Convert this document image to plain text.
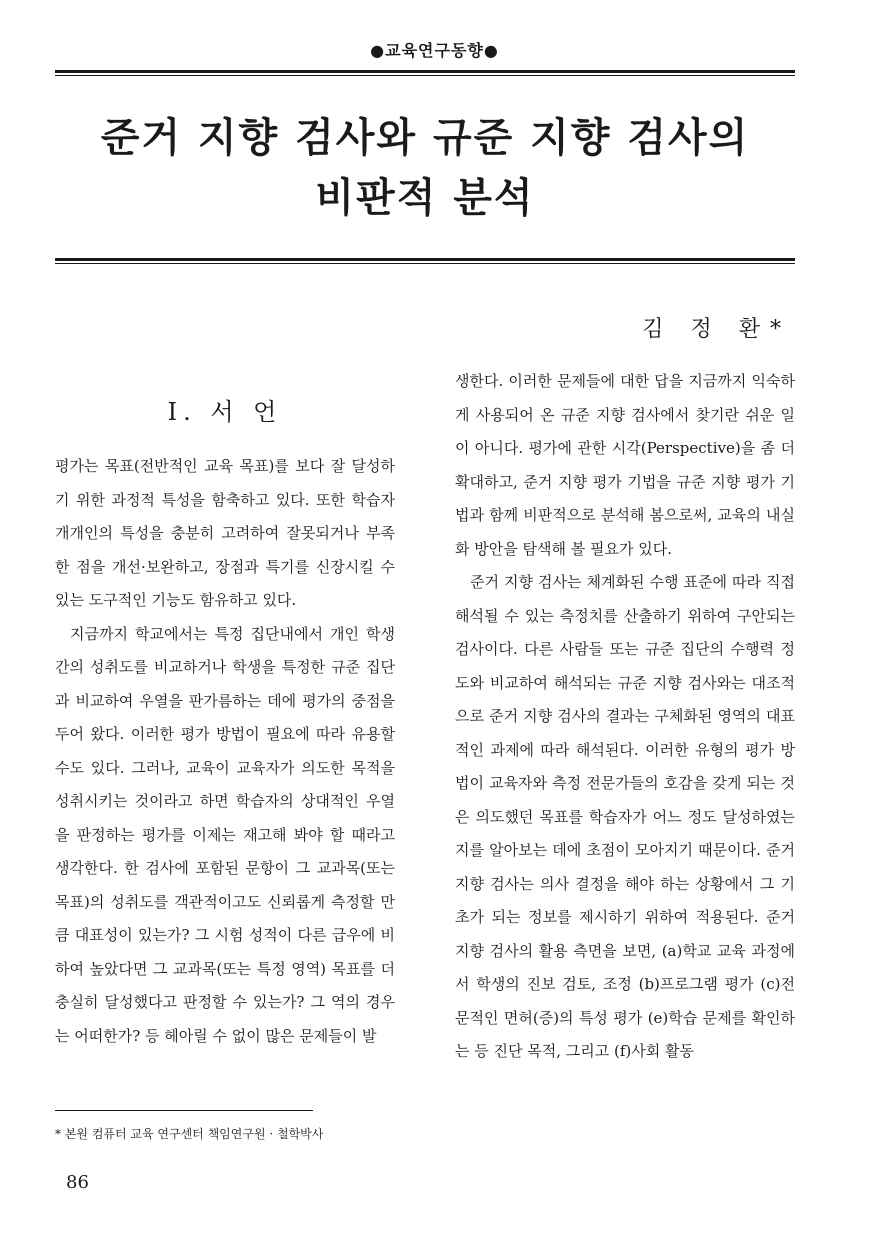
●교육연구동향●
준거 지향 검사와 규준 지향 검사의
비판적 분석
김 정 환*
I. 서 언

평가는 목표(전반적인 교육 목표)를 보다 잘 달성하기 위한 과정적 특성을 함축하고 있다. 또한 학습자 개개인의 특성을 충분히 고려하여 잘못되거나 부족한 점을 개선·보완하고, 장점과 특기를 신장시킬 수 있는 도구적인 기능도 함유하고 있다.

지금까지 학교에서는 특정 집단내에서 개인 학생간의 성취도를 비교하거나 학생을 특정한 규준 집단과 비교하여 우열을 판가름하는 데에 평가의 중점을 두어 왔다. 이러한 평가 방법이 필요에 따라 유용할 수도 있다. 그러나, 교육이 교육자가 의도한 목적을 성취시키는 것이라고 하면 학습자의 상대적인 우열을 판정하는 평가를 이제는 재고해 봐야 할 때라고 생각한다. 한 검사에 포함된 문항이 그 교과목(또는 목표)의 성취도를 객관적이고도 신뢰롭게 측정할 만큼 대표성이 있는가? 그 시험 성적이 다른 급우에 비하여 높았다면 그 교과목(또는 특정 영역) 목표를 더 충실히 달성했다고 판정할 수 있는가? 그 역의 경우는 어떠한가? 등 헤아릴 수 없이 많은 문제들이 발

생한다. 이러한 문제들에 대한 답을 지금까지 익숙하게 사용되어 온 규준 지향 검사에서 찾기란 쉬운 일이 아니다. 평가에 관한 시각(Perspective)을 좀 더 확대하고, 준거 지향 평가 기법을 규준 지향 평가 기법과 함께 비판적으로 분석해 봄으로써, 교육의 내실화 방안을 탐색해 볼 필요가 있다.

준거 지향 검사는 체계화된 수행 표준에 따라 직접 해석될 수 있는 측정치를 산출하기 위하여 구안되는 검사이다. 다른 사람들 또는 규준 집단의 수행력 정도와 비교하여 해석되는 규준 지향 검사와는 대조적으로 준거 지향 검사의 결과는 구체화된 영역의 대표적인 과제에 따라 해석된다. 이러한 유형의 평가 방법이 교육자와 측정 전문가들의 호감을 갖게 되는 것은 의도했던 목표를 학습자가 어느 정도 달성하였는지를 알아보는 데에 초점이 모아지기 때문이다. 준거 지향 검사는 의사 결정을 해야 하는 상황에서 그 기초가 되는 정보를 제시하기 위하여 적용된다. 준거 지향 검사의 활용 측면을 보면, (a)학교 교육 과정에서 학생의 진보 검토, 조정 (b)프로그램 평가 (c)전문적인 면허(증)의 특성 평가 (e)학습 문제를 확인하는 등 진단 목적, 그리고 (f)사회 활동

* 본원 컴퓨터 교육 연구센터 책임연구원 · 철학박사
86
